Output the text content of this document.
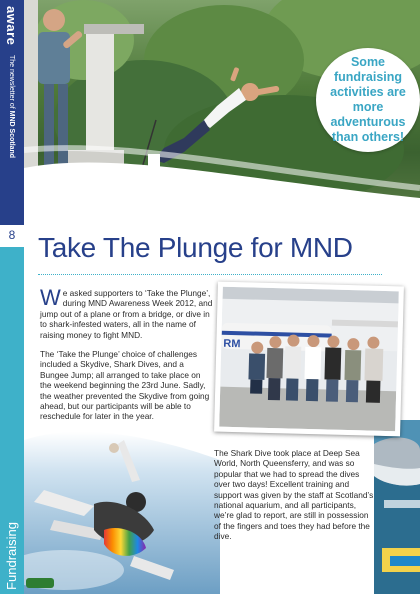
aware The newsletter of MND Scotland
8
Fundraising
Some fundraising activities are more adventurous than others!
Take The Plunge for MND

We asked supporters to ‘Take the Plunge’, during MND Awareness Week 2012, and jump out of a plane or from a bridge, or dive in to shark-infested waters, all in the name of raising money to fight MND.

The ‘Take the Plunge’ choice of challenges included a Skydive, Shark Dives, and a Bungee Jump; all arranged to take place on the weekend beginning the 23rd June. Sadly, the weather prevented the Skydive from going ahead, but our participants will be able to reschedule for later in the year.

RM

The Shark Dive took place at Deep Sea World, North Queensferry, and was so popular that we had to spread the dives over two days! Excellent training and support was given by the staff at Scotland’s national aquarium, and all participants, we’re glad to report, are still in possession of the fingers and toes they had before the dive.
